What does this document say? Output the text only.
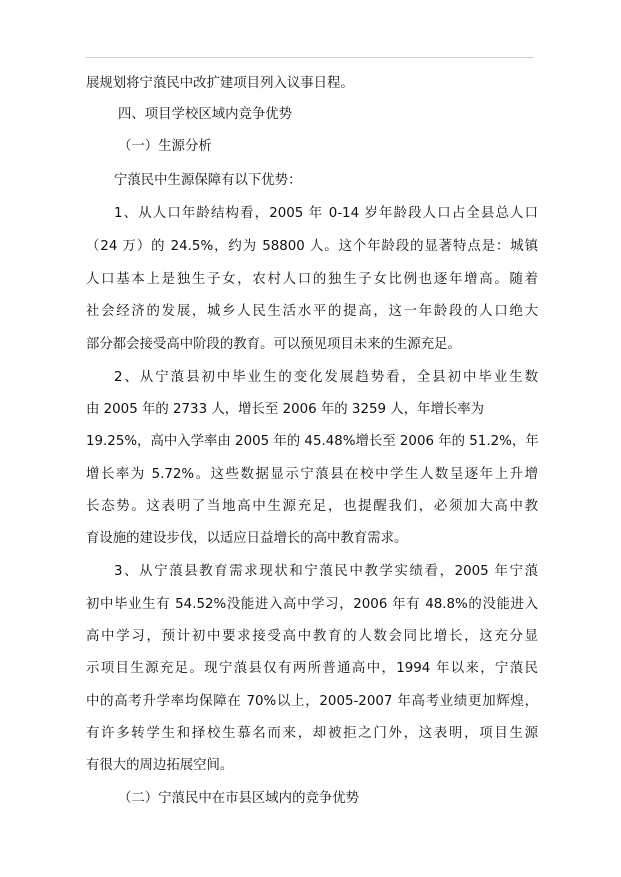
展规划将宁蒗民中改扩建项目列入议事日程。
四、项目学校区域内竞争优势
（一）生源分析
宁蒗民中生源保障有以下优势：
1、从人口年龄结构看，2005 年 0-14 岁年龄段人口占全县总人口
（24 万）的 24.5%，约为 58800 人。这个年龄段的显著特点是：城镇
人口基本上是独生子女，农村人口的独生子女比例也逐年增高。随着
社会经济的发展，城乡人民生活水平的提高，这一年龄段的人口绝大
部分都会接受高中阶段的教育。可以预见项目未来的生源充足。
2、从宁蒗县初中毕业生的变化发展趋势看，全县初中毕业生数
由 2005 年的 2733 人，增长至 2006 年的 3259 人，年增长率为
19.25%，高中入学率由 2005 年的 45.48%增长至 2006 年的 51.2%，年
增长率为 5.72%。这些数据显示宁蒗县在校中学生人数呈逐年上升增
长态势。这表明了当地高中生源充足，也提醒我们，必须加大高中教
育设施的建设步伐，以适应日益增长的高中教育需求。
3、从宁蒗县教育需求现状和宁蒗民中教学实绩看，2005 年宁蒗
初中毕业生有 54.52%没能进入高中学习，2006 年有 48.8%的没能进入
高中学习，预计初中要求接受高中教育的人数会同比增长，这充分显
示项目生源充足。现宁蒗县仅有两所普通高中，1994 年以来，宁蒗民
中的高考升学率均保障在 70%以上，2005-2007 年高考业绩更加辉煌，
有许多转学生和择校生慕名而来，却被拒之门外，这表明，项目生源
有很大的周边拓展空间。
（二）宁蒗民中在市县区域内的竞争优势
